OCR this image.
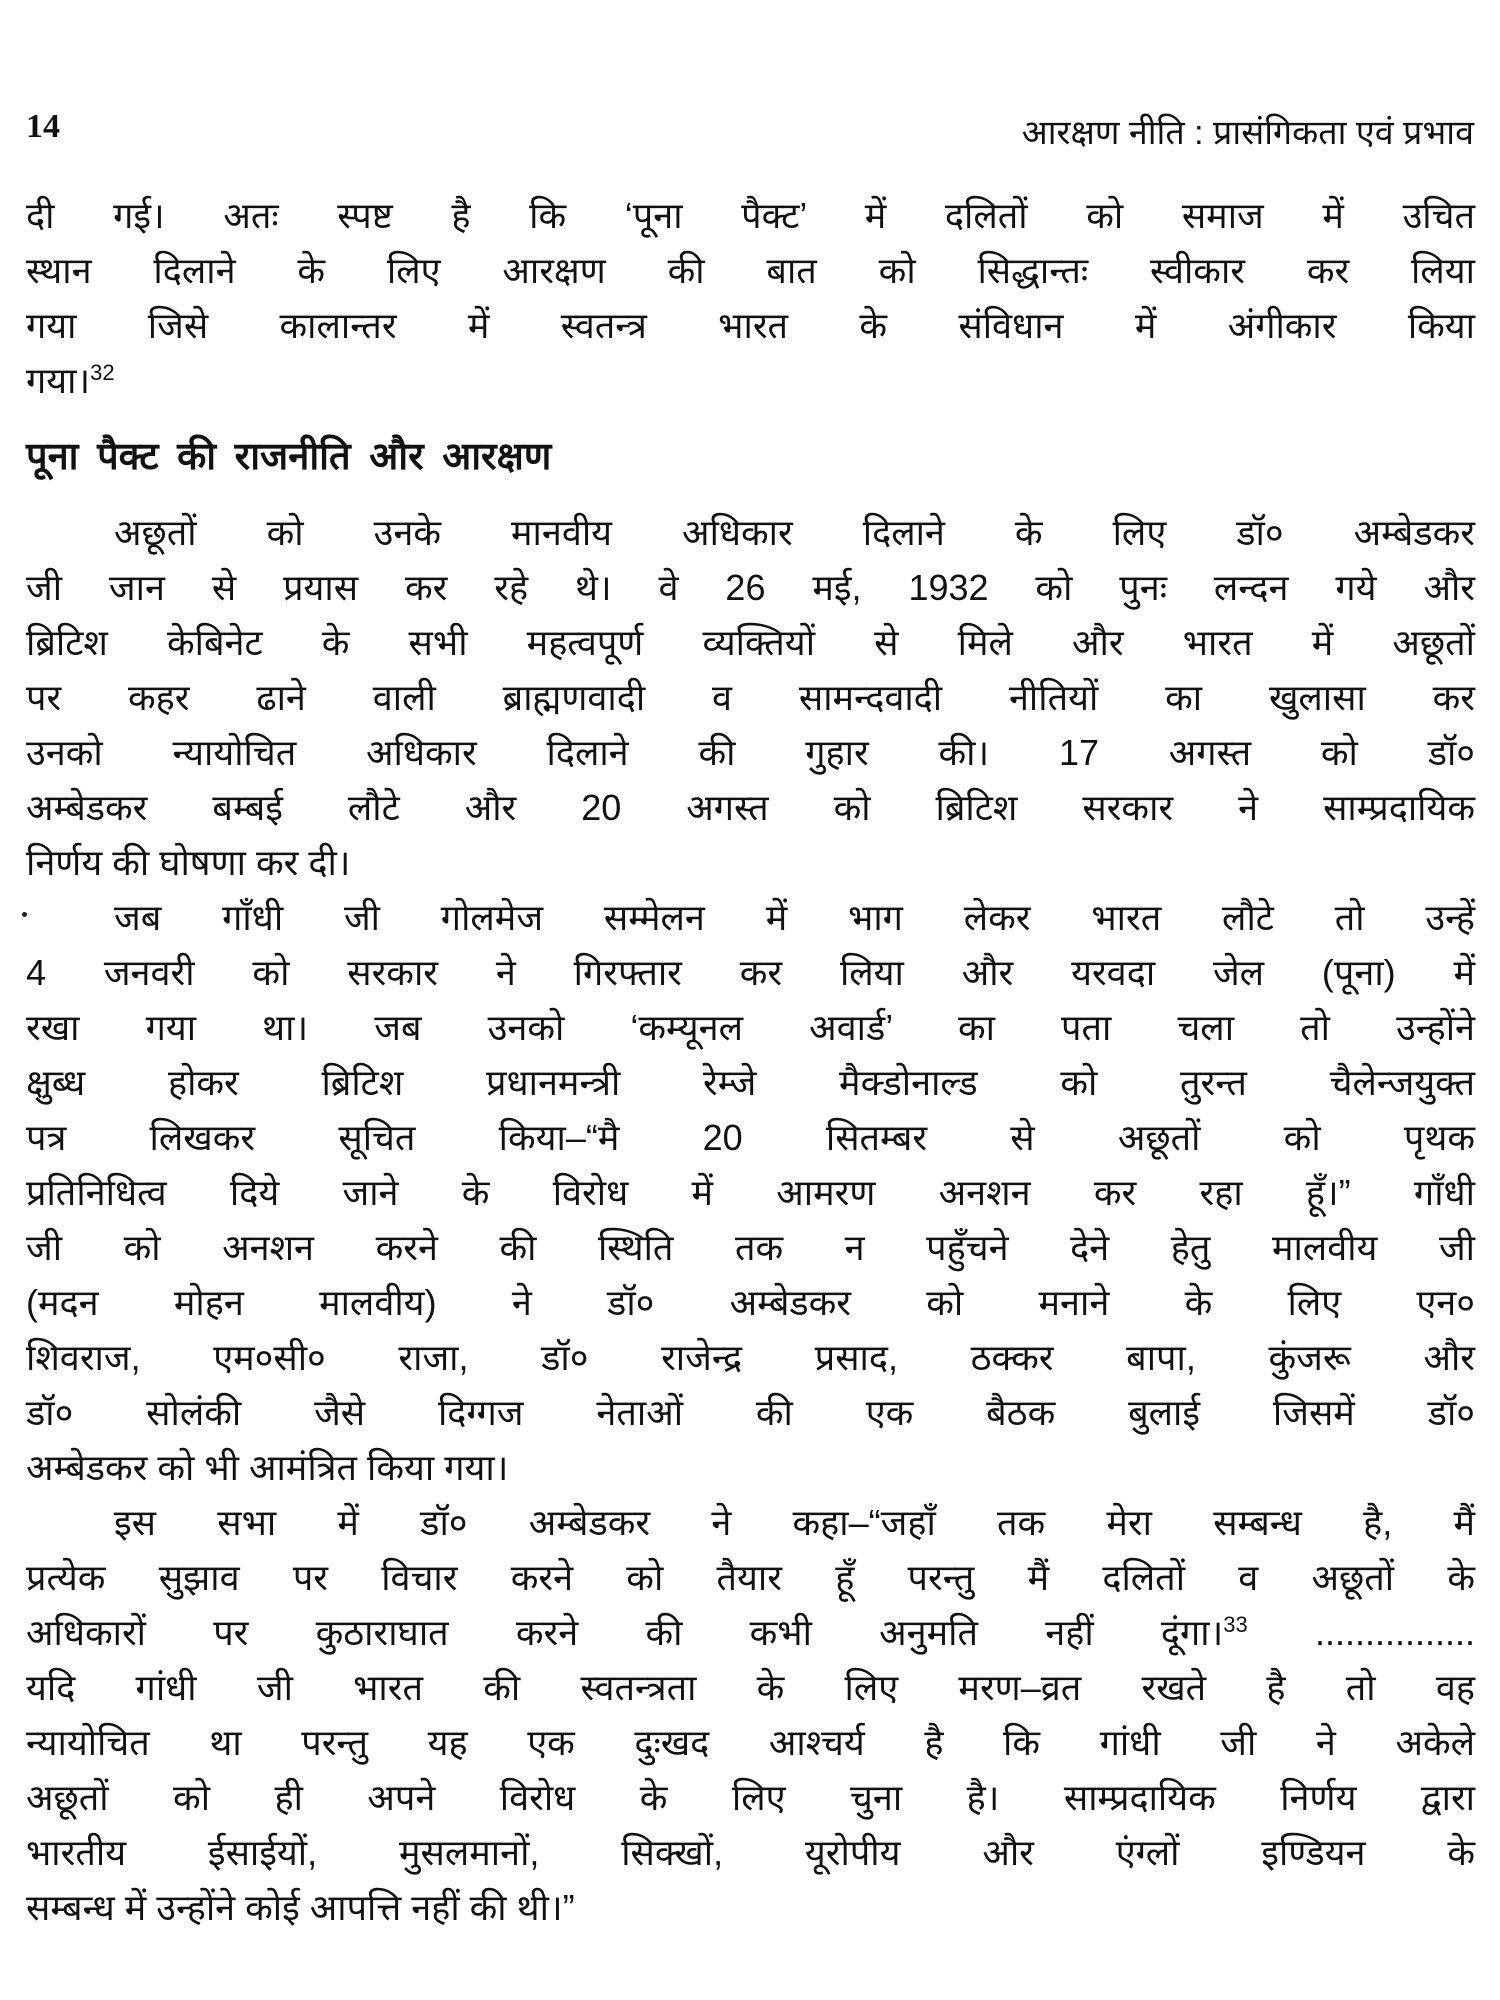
14	आरक्षण नीति : प्रासंगिकता एवं प्रभाव
दी गई। अतः स्पष्ट है कि ‘पूना पैक्ट’ में दलितों को समाज में उचित
स्थान दिलाने के लिए आरक्षण की बात को सिद्धान्तः स्वीकार कर लिया
गया जिसे कालान्तर में स्वतन्त्र भारत के संविधान में अंगीकार किया
गया।$^{32}$
पूना पैक्ट की राजनीति और आरक्षण
अछूतों को उनके मानवीय अधिकार दिलाने के लिए डॉ० अम्बेडकर
जी जान से प्रयास कर रहे थे। वे 26 मई, 1932 को पुनः लन्दन गये और
ब्रिटिश केबिनेट के सभी महत्वपूर्ण व्यक्तियों से मिले और भारत में अछूतों
पर कहर ढाने वाली ब्राह्मणवादी व सामन्दवादी नीतियों का खुलासा कर
उनको न्यायोचित अधिकार दिलाने की गुहार की। 17 अगस्त को डॉ०
अम्बेडकर बम्बई लौटे और 20 अगस्त को ब्रिटिश सरकार ने साम्प्रदायिक
निर्णय की घोषणा कर दी।
जब गाँधी जी गोलमेज सम्मेलन में भाग लेकर भारत लौटे तो उन्हें
4 जनवरी को सरकार ने गिरफ्तार कर लिया और यरवदा जेल (पूना) में
रखा गया था। जब उनको ‘कम्यूनल अवार्ड’ का पता चला तो उन्होंने
क्षुब्ध होकर ब्रिटिश प्रधानमन्त्री रेम्जे मैक्डोनाल्ड को तुरन्त चैलेन्जयुक्त
पत्र लिखकर सूचित किया–“मै 20 सितम्बर से अछूतों को पृथक
प्रतिनिधित्व दिये जाने के विरोध में आमरण अनशन कर रहा हूँ।” गाँधी
जी को अनशन करने की स्थिति तक न पहुँचने देने हेतु मालवीय जी
(मदन मोहन मालवीय) ने डॉ० अम्बेडकर को मनाने के लिए एन०
शिवराज, एम०सी० राजा, डॉ० राजेन्द्र प्रसाद, ठक्कर बापा, कुंजरू और
डॉ० सोलंकी जैसे दिग्गज नेताओं की एक बैठक बुलाई जिसमें डॉ०
अम्बेडकर को भी आमंत्रित किया गया।
इस सभा में डॉ० अम्बेडकर ने कहा–“जहाँ तक मेरा सम्बन्ध है, मैं
प्रत्येक सुझाव पर विचार करने को तैयार हूँ परन्तु मैं दलितों व अछूतों के
अधिकारों पर कुठाराघात करने की कभी अनुमति नहीं दूंगा।$^{33}$ ................
यदि गांधी जी भारत की स्वतन्त्रता के लिए मरण–व्रत रखते है तो वह
न्यायोचित था परन्तु यह एक दुःखद आश्चर्य है कि गांधी जी ने अकेले
अछूतों को ही अपने विरोध के लिए चुना है। साम्प्रदायिक निर्णय द्वारा
भारतीय ईसाईयों, मुसलमानों, सिक्खों, यूरोपीय और एंग्लों इण्डियन के
सम्बन्ध में उन्होंने कोई आपत्ति नहीं की थी।”
